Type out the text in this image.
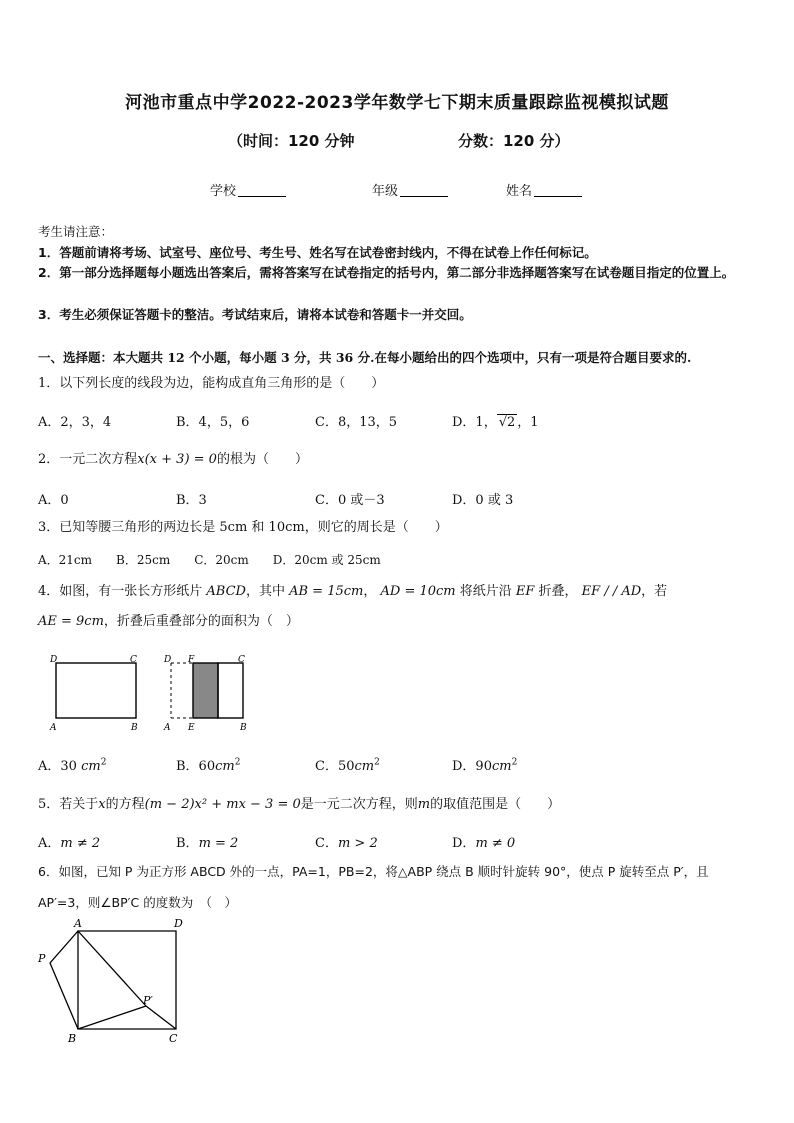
河池市重点中学2022-2023学年数学七下期末质量跟踪监视模拟试题
（时间：120 分钟	分数：120 分）
学校	年级	姓名
考生请注意：
1．答题前请将考场、试室号、座位号、考生号、姓名写在试卷密封线内，不得在试卷上作任何标记。
2．第一部分选择题每小题选出答案后，需将答案写在试卷指定的括号内，第二部分非选择题答案写在试卷题目指定的位置上。
3．考生必须保证答题卡的整洁。考试结束后，请将本试卷和答题卡一并交回。
一、选择题：本大题共 12 个小题，每小题 3 分，共 36 分.在每小题给出的四个选项中，只有一项是符合题目要求的.
1．以下列长度的线段为边，能构成直角三角形的是（　　）
A．2，3，4	B．4，5，6	C．8，13，5	D．1， √2 ，1
2．一元二次方程x(x + 3) = 0的根为（　　）
A．0	B．3	C．0 或－3	D．0 或 3
3．已知等腰三角形的两边长是 5cm 和 10cm，则它的周长是（　　）
A．21cm　　B．25cm　　C．20cm　　D．20cm 或 25cm
4．如图，有一张长方形纸片 ABCD，其中 AB = 15cm， AD = 10cm 将纸片沿 EF 折叠， EF / / AD，若
AE = 9cm，折叠后重叠部分的面积为（　）
D	C
A	B
D F	C
A E	B
A．30 $cm^2$	B．$60cm^2$	C．$50cm^2$	D．$90cm^2$
5．若关于x的方程(m − 2)x² + mx − 3 = 0是一元二次方程，则m的取值范围是（　　）
A．m ≠ 2	B．m = 2	C．m > 2	D．m ≠ 0
6．如图，已知 P 为正方形 ABCD 外的一点，PA=1，PB=2，将△ABP 绕点 B 顺时针旋转 90°，使点 P 旋转至点 P′，且
AP′=3，则∠BP′C 的度数为　（　）
A	D
P
P′
B	C
